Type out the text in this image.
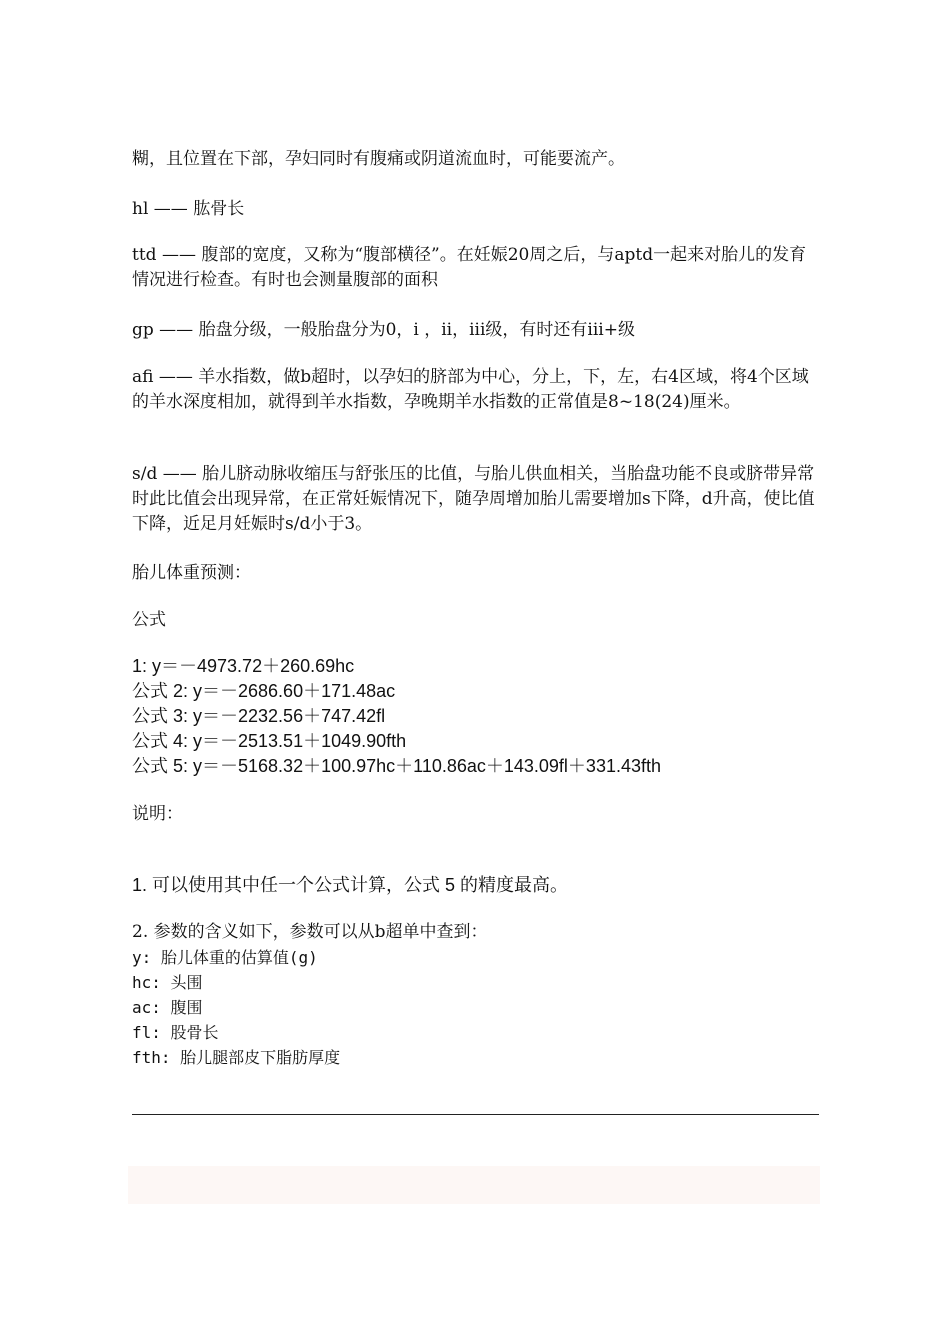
糊，且位置在下部，孕妇同时有腹痛或阴道流血时，可能要流产。
hl —— 肱骨长
ttd —— 腹部的宽度，又称为“腹部横径”。在妊娠20周之后，与aptd一起来对胎儿的发育情况进行检查。有时也会测量腹部的面积
gp —— 胎盘分级，一般胎盘分为0，i ，ii，iii级，有时还有iii+级
afi —— 羊水指数，做b超时，以孕妇的脐部为中心，分上，下，左，右4区域，将4个区域的羊水深度相加，就得到羊水指数，孕晚期羊水指数的正常值是8~18(24)厘米。
s/d —— 胎儿脐动脉收缩压与舒张压的比值，与胎儿供血相关，当胎盘功能不良或脐带异常时此比值会出现异常，在正常妊娠情况下，随孕周增加胎儿需要增加s下降，d升高，使比值下降，近足月妊娠时s/d小于3。
胎儿体重预测：
公式
1: y＝－4973.72＋260.69hc
公式 2: y＝－2686.60＋171.48ac
公式 3: y＝－2232.56＋747.42fl
公式 4: y＝－2513.51＋1049.90fth
公式 5: y＝－5168.32＋100.97hc＋110.86ac＋143.09fl＋331.43fth
说明：
1. 可以使用其中任一个公式计算，公式 5 的精度最高。
2. 参数的含义如下，参数可以从b超单中查到：
y: 胎儿体重的估算值(g)
hc: 头围
ac: 腹围
fl: 股骨长
fth: 胎儿腿部皮下脂肪厚度
